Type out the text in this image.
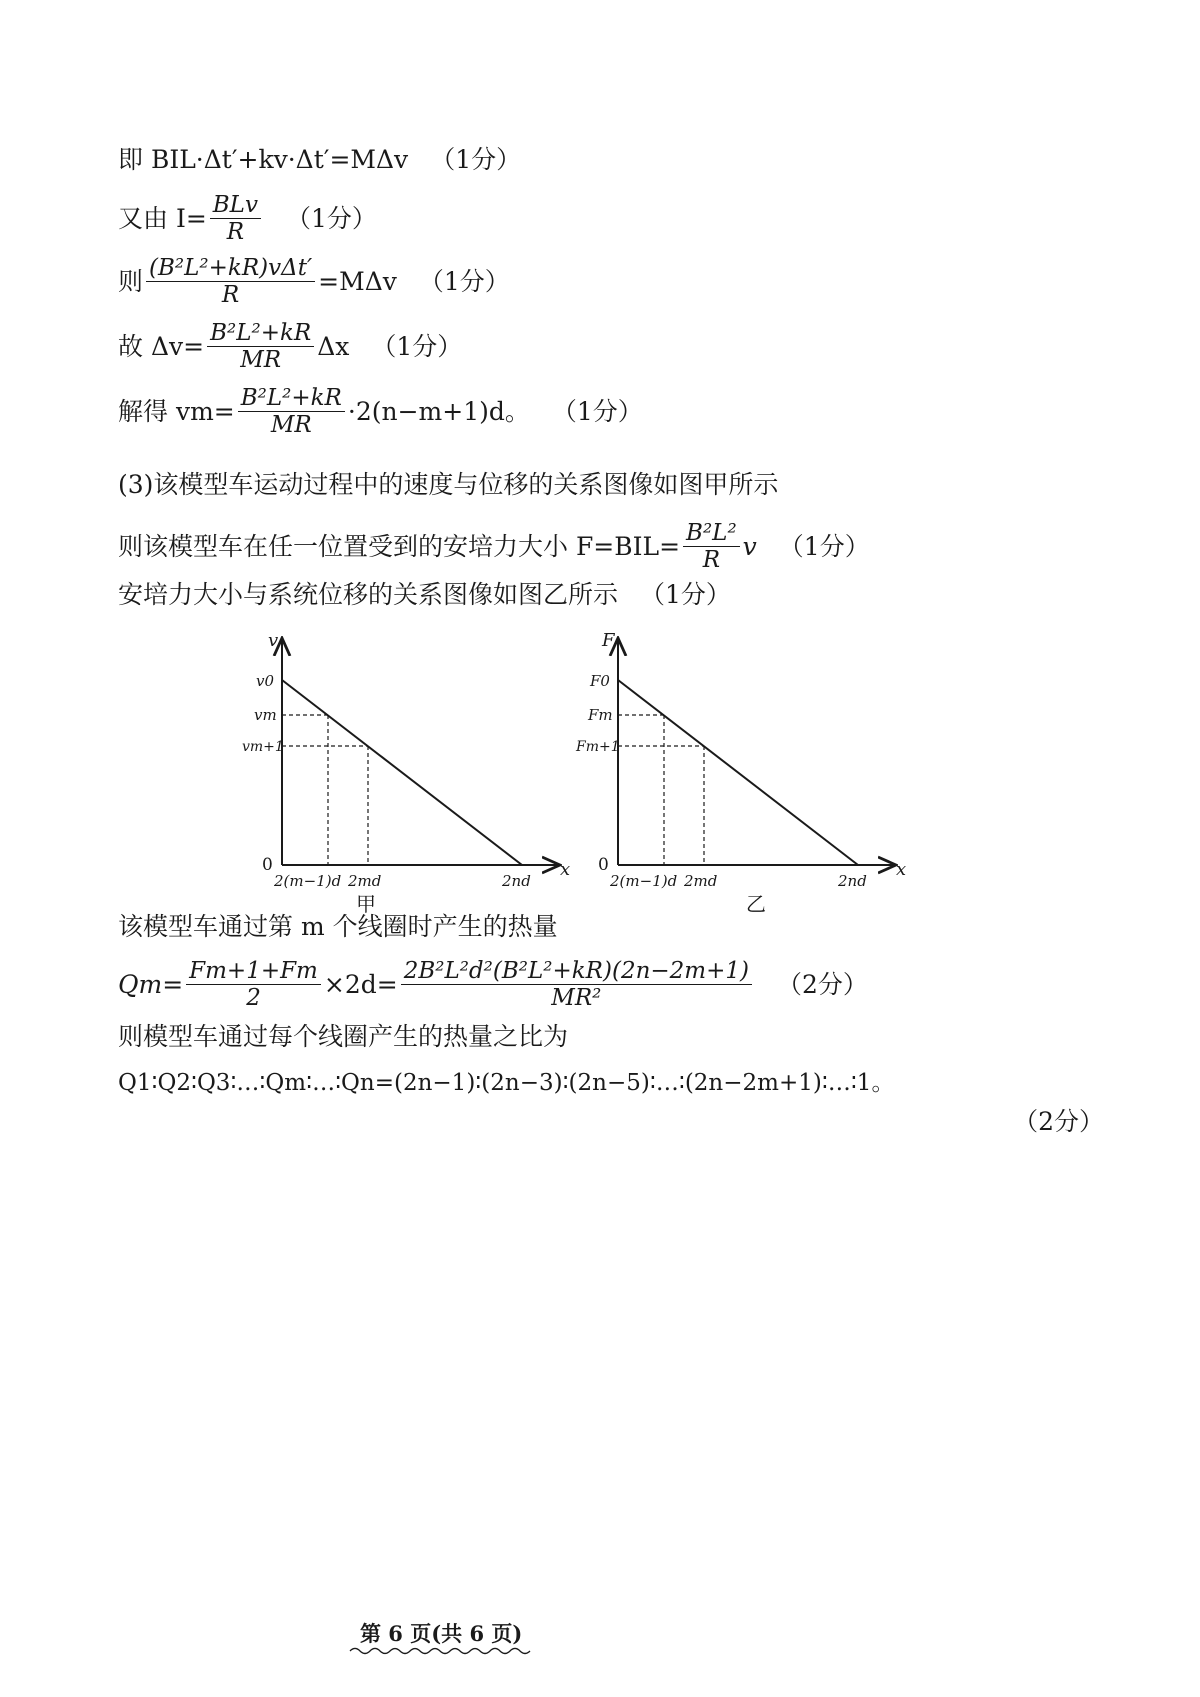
即 BIL·Δt′+kv·Δt′=MΔv （1分）
又由 $I= \frac{\text{BLv}}{R} (1$分）
则 $\frac{\text{(B²L²+kR)vΔt′}}{R} =M\Delta v$ （1分）
故 $\Delta v= \frac{\text{B²L²+kR}}{MR}$ Δx （1分）
解得 $vm= \frac{\text{B²L²+kR}}{MR} \cdot 2(n-m+1)d$。 （1分）
(3)该模型车运动过程中的速度与位移的关系图像如图甲所示
则该模型车在任一位置受到的安培力大小 $F=BIL= \frac{\text{B²L²}}{R}$ v （1分）
安培力大小与系统位移的关系图像如图乙所示 （1分）
v
x
v0
vm
vm+1
0
2(m−1)d 2md	2nd
甲
F
x
F0
Fm
Fm+1
0
2(m−1)d 2md	2nd
乙
该模型车通过第 m 个线圈时产生的热量
$Qm= \frac{Fm+1+Fm}{2} \times 2d= \frac{\text{2B²L²d²(B²L²+kR)(2n−2m+1)}}{\text{MR²}} (2$分）
则模型车通过每个线圈产生的热量之比为
Q1∶Q2∶Q3∶…∶Qm∶…∶Qn=(2n−1)∶(2n−3)∶(2n−5)∶…∶(2n−2m+1)∶…∶1。
（2分）
第 6 页(共 6 页)
